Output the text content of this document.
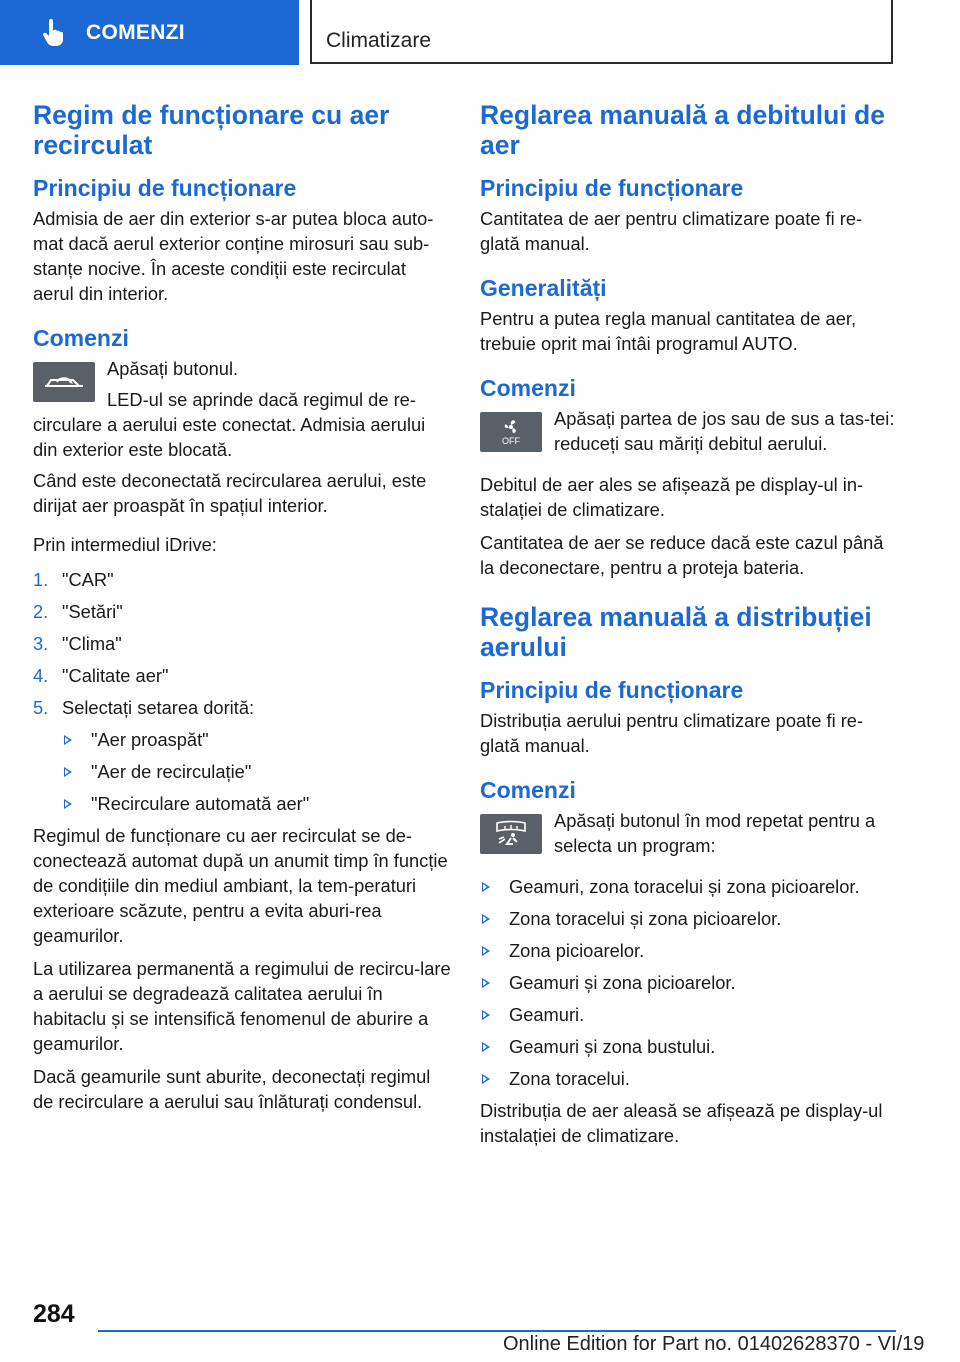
COMENZI	Climatizare
Regim de funcționare cu aer recirculat
Principiu de funcționare

Admisia de aer din exterior s-ar putea bloca auto-mat dacă aerul exterior conține mirosuri sau sub-stanțe nocive. În aceste condiții este recirculat aerul din interior.

Comenzi

Apăsați butonul.

LED-ul se aprinde dacă regimul de re-circulare a aerului este conectat. Admisia aerului din exterior este blocată.

Când este deconectată recircularea aerului, este dirijat aer proaspăt în spațiul interior.

Prin intermediul iDrive:

1. "CAR"
2. "Setări"
3. "Clima"
4. "Calitate aer"
5. Selectați setarea dorită:
"Aer proaspăt"
"Aer de recirculație"
"Recirculare automată aer"

Regimul de funcționare cu aer recirculat se de-conectează automat după un anumit timp în funcție de condițiile din mediul ambiant, la tem-peraturi exterioare scăzute, pentru a evita aburi-rea geamurilor.

La utilizarea permanentă a regimului de recircu-lare a aerului se degradează calitatea aerului în habitaclu și se intensifică fenomenul de aburire a geamurilor.

Dacă geamurile sunt aburite, deconectați regimul de recirculare a aerului sau înlăturați condensul.

Reglarea manuală a debitului de aer
Principiu de funcționare

Cantitatea de aer pentru climatizare poate fi re-glată manual.

Generalități

Pentru a putea regla manual cantitatea de aer, trebuie oprit mai întâi programul AUTO.

Comenzi
OFF

Apăsați partea de jos sau de sus a tas-tei: reduceți sau măriți debitul aerului.

Debitul de aer ales se afișează pe display-ul in-stalației de climatizare.

Cantitatea de aer se reduce dacă este cazul până la deconectare, pentru a proteja bateria.

Reglarea manuală a distribuției aerului
Principiu de funcționare

Distribuția aerului pentru climatizare poate fi re-glată manual.

Comenzi

Apăsați butonul în mod repetat pentru a selecta un program:

Geamuri, zona toracelui și zona picioarelor.
Zona toracelui și zona picioarelor.
Zona picioarelor.
Geamuri și zona picioarelor.
Geamuri.
Geamuri și zona bustului.
Zona toracelui.

Distribuția de aer aleasă se afișează pe display-ul instalației de climatizare.

284
Online Edition for Part no. 01402628370 - VI/19
